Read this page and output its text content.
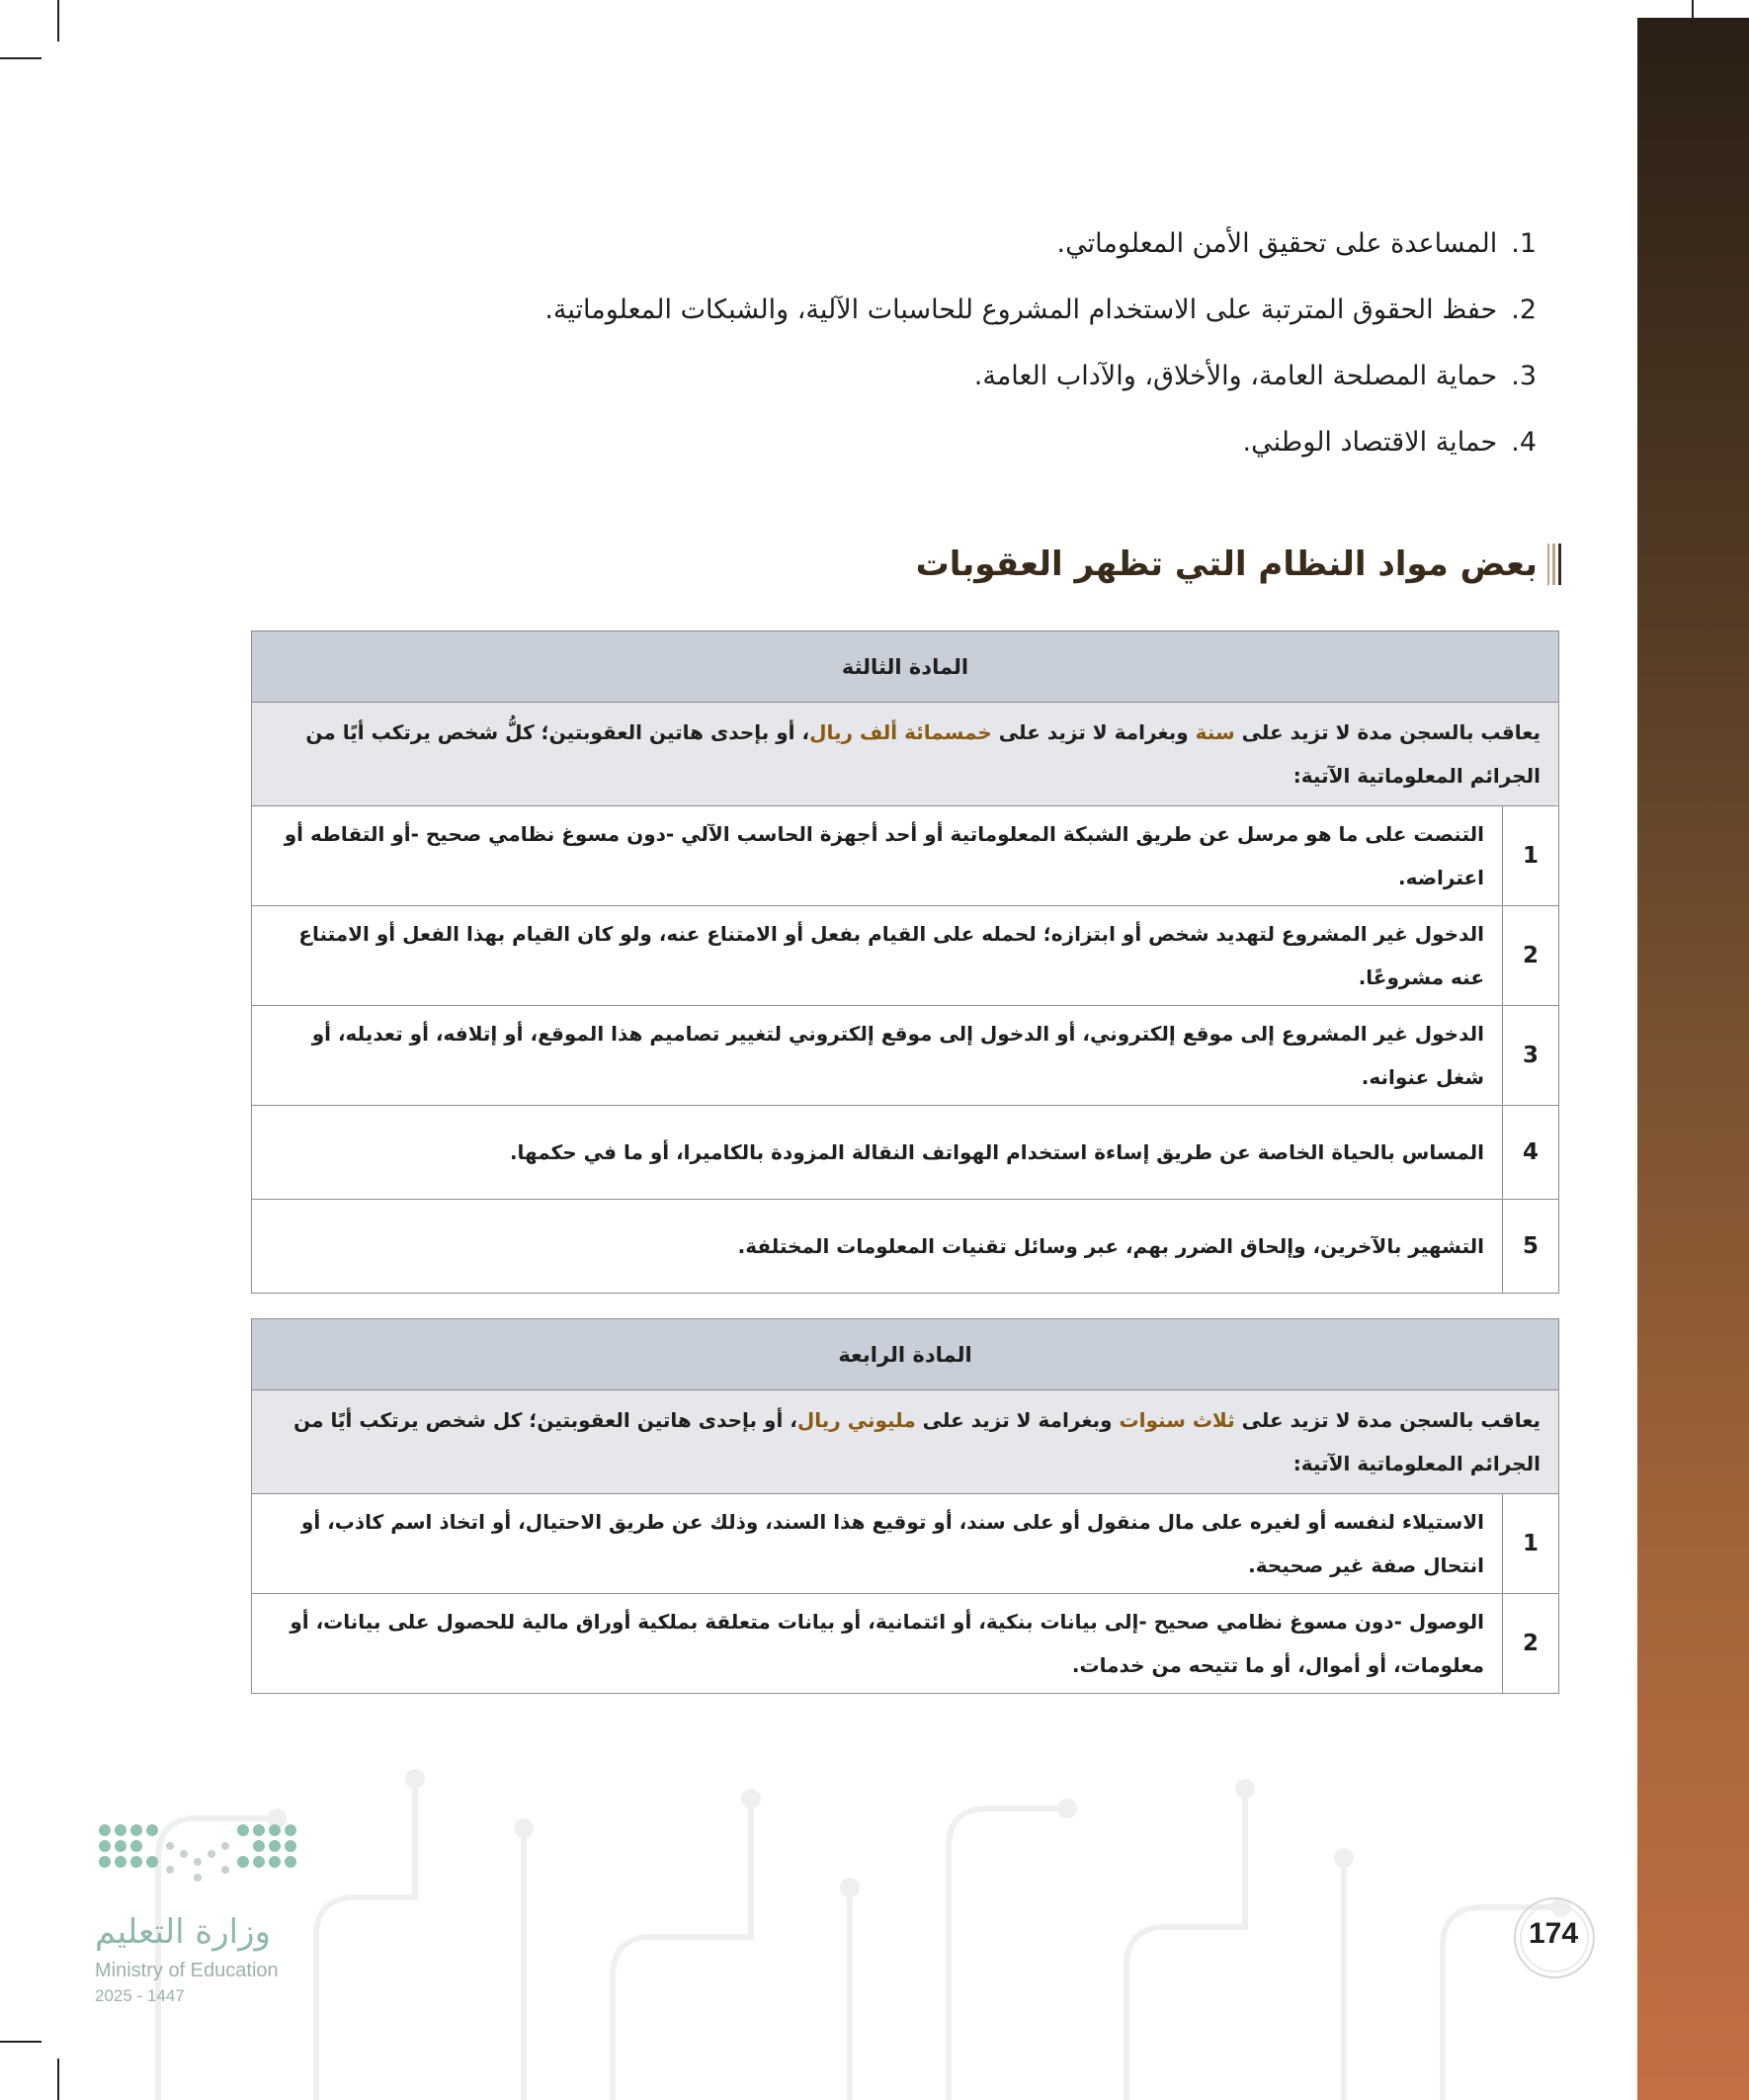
1.المساعدة على تحقيق الأمن المعلوماتي.
2.حفظ الحقوق المترتبة على الاستخدام المشروع للحاسبات الآلية، والشبكات المعلوماتية.
3.حماية المصلحة العامة، والأخلاق، والآداب العامة.
4.حماية الاقتصاد الوطني.
بعض مواد النظام التي تظهر العقوبات
المادة الثالثة	
يعاقب بالسجن مدة لا تزيد على سنة وبغرامة لا تزيد على خمسمائة ألف ريال، أو بإحدى هاتين العقوبتين؛ كلُّ شخص يرتكب أيًا من الجرائم المعلوماتية الآتية:	
1	التنصت على ما هو مرسل عن طريق الشبكة المعلوماتية أو أحد أجهزة الحاسب الآلي -دون مسوغ نظامي صحيح -أو التقاطه أو اعتراضه.
2	الدخول غير المشروع لتهديد شخص أو ابتزازه؛ لحمله على القيام بفعل أو الامتناع عنه، ولو كان القيام بهذا الفعل أو الامتناع عنه مشروعًا.
3	الدخول غير المشروع إلى موقع إلكتروني، أو الدخول إلى موقع إلكتروني لتغيير تصاميم هذا الموقع، أو إتلافه، أو تعديله، أو شغل عنوانه.
4	المساس بالحياة الخاصة عن طريق إساءة استخدام الهواتف النقالة المزودة بالكاميرا، أو ما في حكمها.
5	التشهير بالآخرين، وإلحاق الضرر بهم، عبر وسائل تقنيات المعلومات المختلفة.
المادة الرابعة	
يعاقب بالسجن مدة لا تزيد على ثلاث سنوات وبغرامة لا تزيد على مليوني ريال، أو بإحدى هاتين العقوبتين؛ كل شخص يرتكب أيًا من الجرائم المعلوماتية الآتية:	
1	الاستيلاء لنفسه أو لغيره على مال منقول أو على سند، أو توقيع هذا السند، وذلك عن طريق الاحتيال، أو اتخاذ اسم كاذب، أو انتحال صفة غير صحيحة.
2	الوصول -دون مسوغ نظامي صحيح -إلى بيانات بنكية، أو ائتمانية، أو بيانات متعلقة بملكية أوراق مالية للحصول على بيانات، أو معلومات، أو أموال، أو ما تتيحه من خدمات.
وزارة التعليم
Ministry of Education
2025 - 1447
174
